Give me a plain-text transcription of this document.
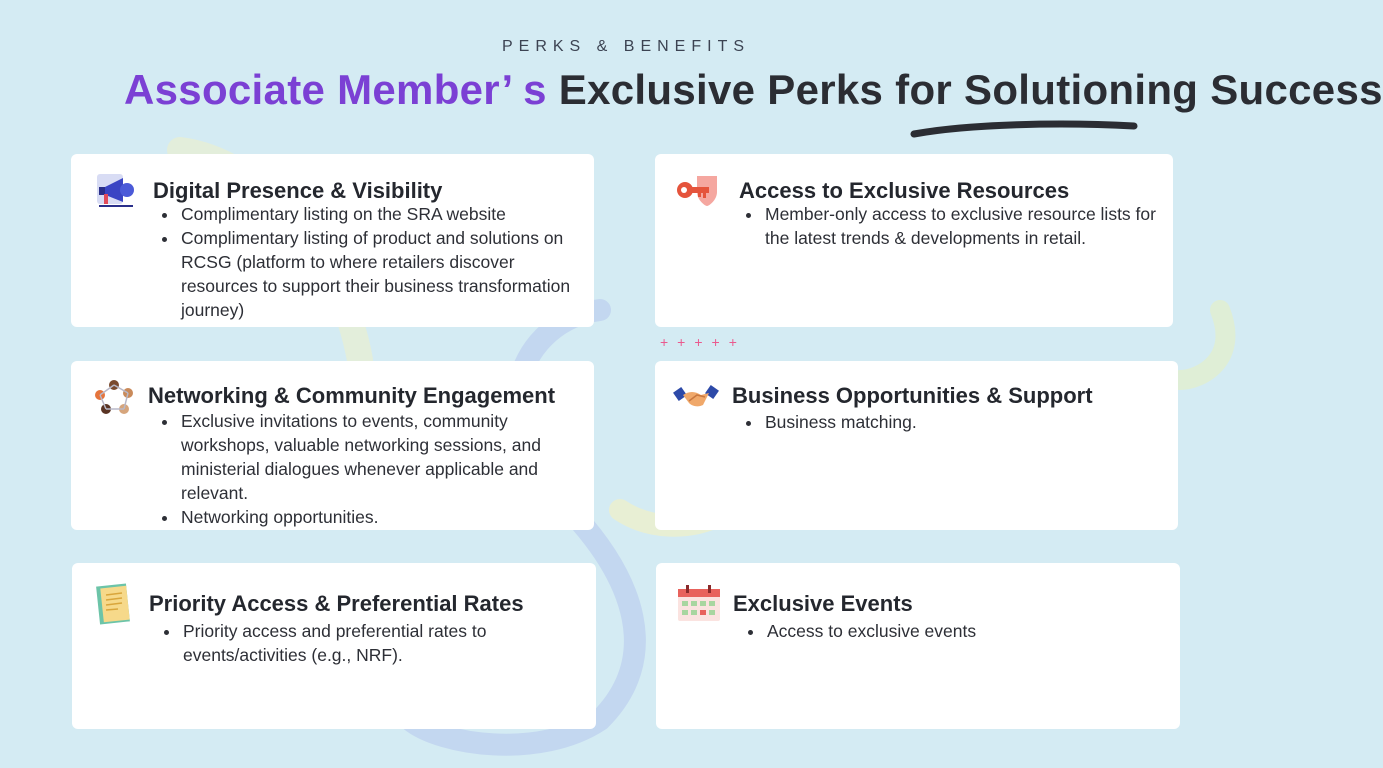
PERKS & BENEFITS
Associate Member’ s Exclusive Perks for Solutioning Success
+++++
Digital Presence & Visibility
• Complimentary listing on the SRA website
• Complimentary listing of product and solutions on RCSG (platform to where retailers discover resources to support their business transformation journey)
Access to Exclusive Resources
• Member-only access to exclusive resource lists for the latest trends & developments in retail.
Networking & Community Engagement
• Exclusive invitations to events, community workshops, valuable networking sessions, and ministerial dialogues whenever applicable and relevant.
• Networking opportunities.
Business Opportunities & Support
• Business matching.
Priority Access & Preferential Rates
• Priority access and preferential rates to events/activities (e.g., NRF).
Exclusive Events
• Access to exclusive events
